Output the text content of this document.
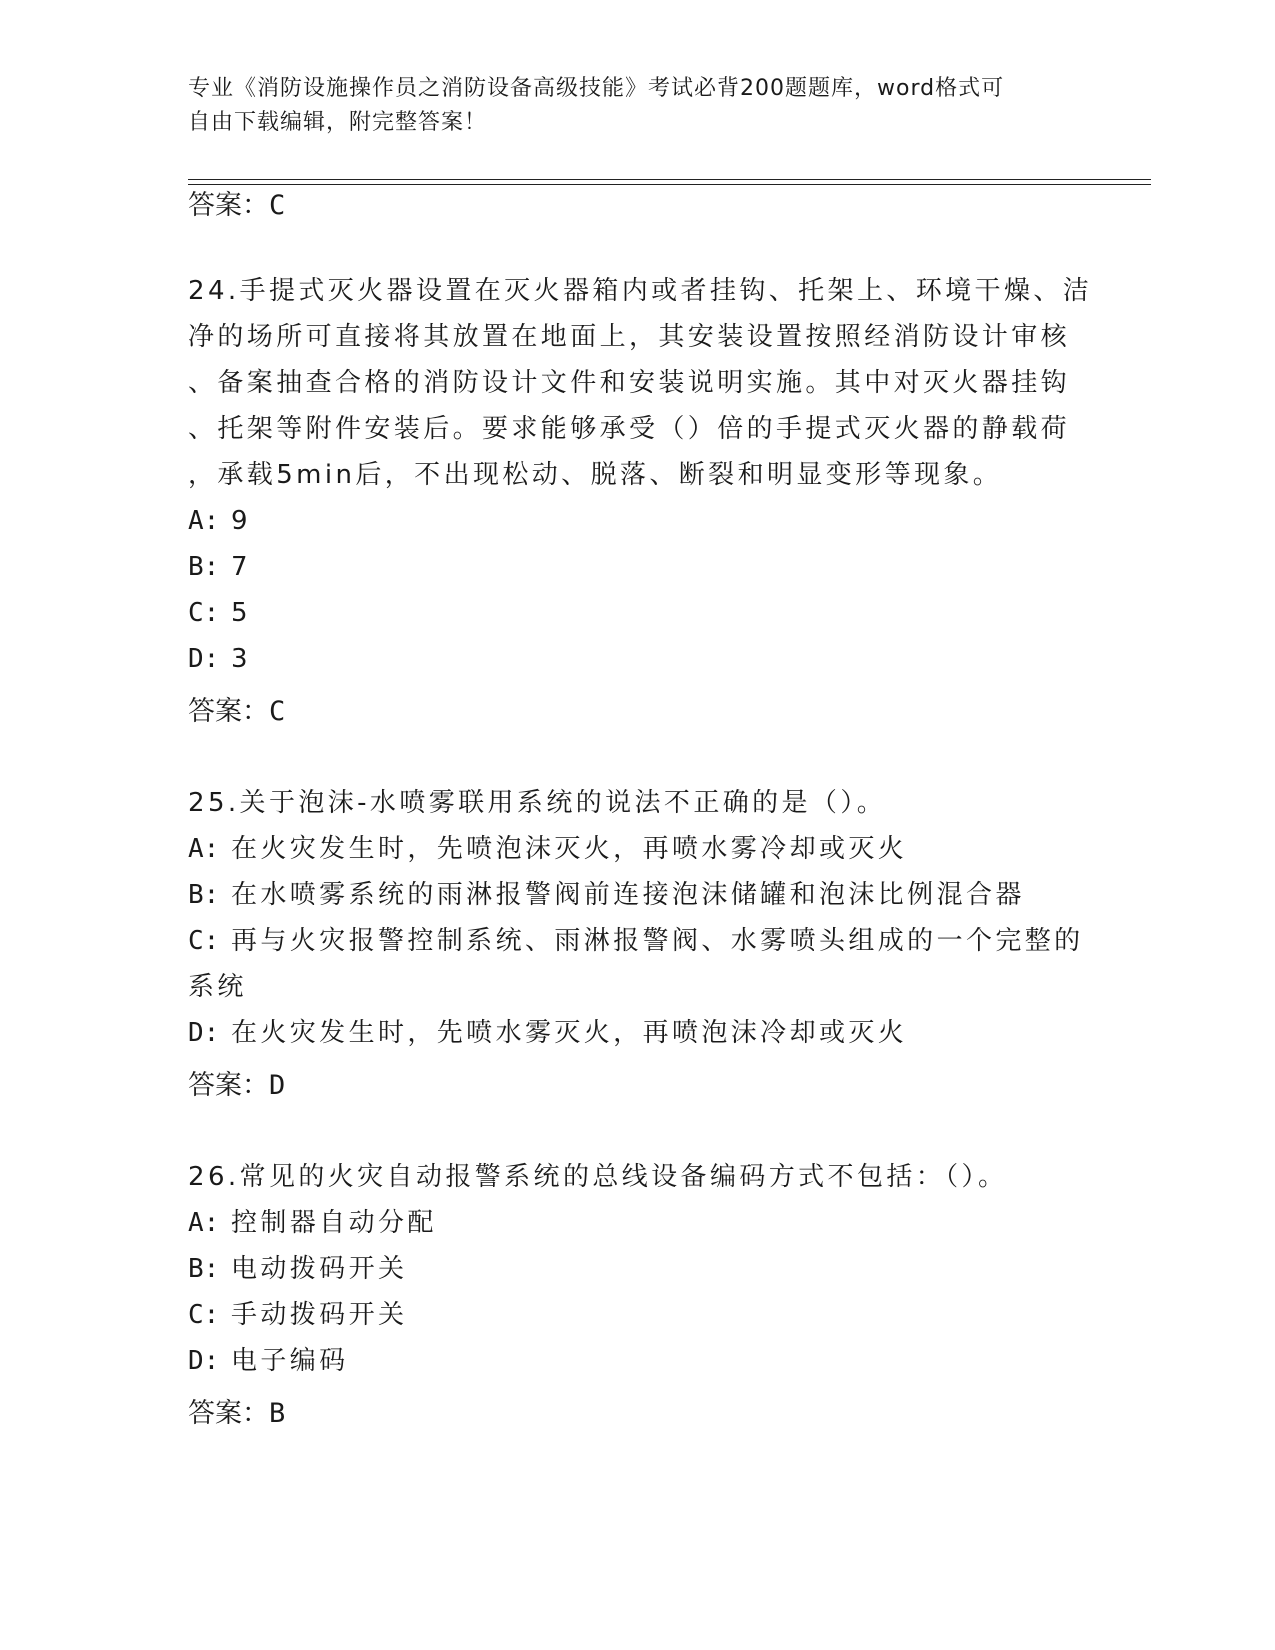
专业《消防设施操作员之消防设备高级技能》考试必背200题题库，word格式可
自由下载编辑，附完整答案！
答案：C
24.手提式灭火器设置在灭火器箱内或者挂钩、托架上、环境干燥、洁
净的场所可直接将其放置在地面上，其安装设置按照经消防设计审核
、备案抽查合格的消防设计文件和安装说明实施。其中对灭火器挂钩
、托架等附件安装后。要求能够承受（）倍的手提式灭火器的静载荷
，承载5min后，不出现松动、脱落、断裂和明显变形等现象。
A: 9
B: 7
C: 5
D: 3
答案：C
25.关于泡沫-水喷雾联用系统的说法不正确的是（）。
A: 在火灾发生时，先喷泡沫灭火，再喷水雾冷却或灭火
B: 在水喷雾系统的雨淋报警阀前连接泡沫储罐和泡沫比例混合器
C: 再与火灾报警控制系统、雨淋报警阀、水雾喷头组成的一个完整的
系统
D: 在火灾发生时，先喷水雾灭火，再喷泡沫冷却或灭火
答案：D
26.常见的火灾自动报警系统的总线设备编码方式不包括：（）。
A: 控制器自动分配
B: 电动拨码开关
C: 手动拨码开关
D: 电子编码
答案：B
